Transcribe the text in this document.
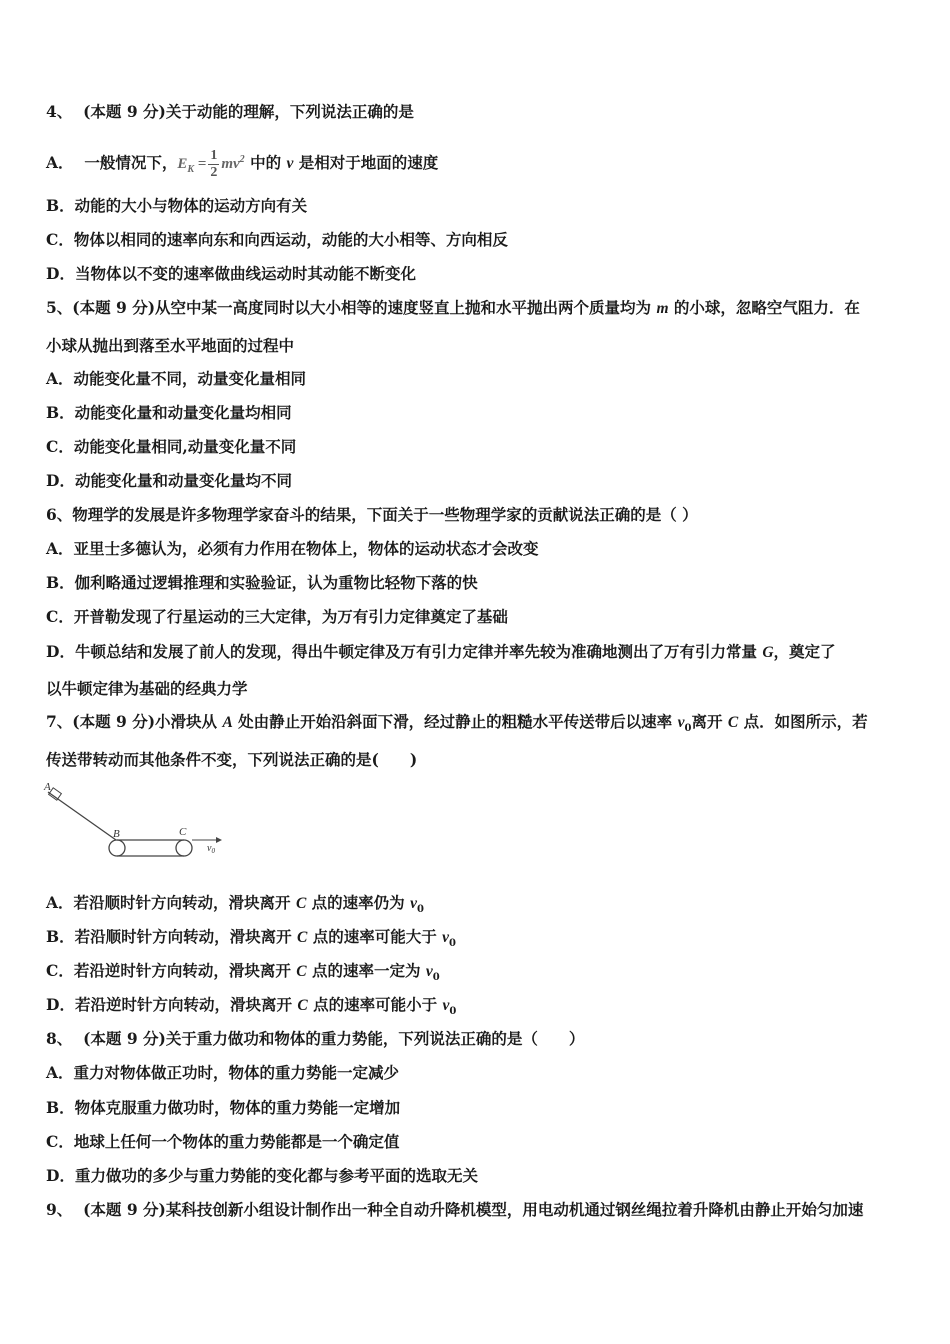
4、 (本题 9 分)关于动能的理解，下列说法正确的是
A． 一般情况下，$E_K = \frac{1}{2} mv^2$ 中的 v 是相对于地面的速度
B．动能的大小与物体的运动方向有关
C．物体以相同的速率向东和向西运动，动能的大小相等、方向相反
D．当物体以不变的速率做曲线运动时其动能不断变化
5、(本题 9 分)从空中某一高度同时以大小相等的速度竖直上抛和水平抛出两个质量均为 m 的小球，忽略空气阻力．在
小球从抛出到落至水平地面的过程中
A．动能变化量不同，动量变化量相同
B．动能变化量和动量变化量均相同
C．动能变化量相同,动量变化量不同
D．动能变化量和动量变化量均不同
6、物理学的发展是许多物理学家奋斗的结果，下面关于一些物理学家的贡献说法正确的是（ ）
A．亚里士多德认为，必须有力作用在物体上，物体的运动状态才会改变
B．伽利略通过逻辑推理和实验验证，认为重物比轻物下落的快
C．开普勒发现了行星运动的三大定律，为万有引力定律奠定了基础
D．牛顿总结和发展了前人的发现，得出牛顿定律及万有引力定律并率先较为准确地测出了万有引力常量 G，奠定了
以牛顿定律为基础的经典力学
7、(本题 9 分)小滑块从 A 处由静止开始沿斜面下滑，经过静止的粗糙水平传送带后以速率 $v_0$离开 C 点．如图所示，若
传送带转动而其他条件不变，下列说法正确的是(　　)
A
B	C
$v_0$
A．若沿顺时针方向转动，滑块离开 C 点的速率仍为 $v_0$
B．若沿顺时针方向转动，滑块离开 C 点的速率可能大于 $v_0$
C．若沿逆时针方向转动，滑块离开 C 点的速率一定为 $v_0$
D．若沿逆时针方向转动，滑块离开 C 点的速率可能小于 $v_0$
8、 (本题 9 分)关于重力做功和物体的重力势能，下列说法正确的是（　　）
A．重力对物体做正功时，物体的重力势能一定减少
B．物体克服重力做功时，物体的重力势能一定增加
C．地球上任何一个物体的重力势能都是一个确定值
D．重力做功的多少与重力势能的变化都与参考平面的选取无关
9、 (本题 9 分)某科技创新小组设计制作出一种全自动升降机模型，用电动机通过钢丝绳拉着升降机由静止开始匀加速
